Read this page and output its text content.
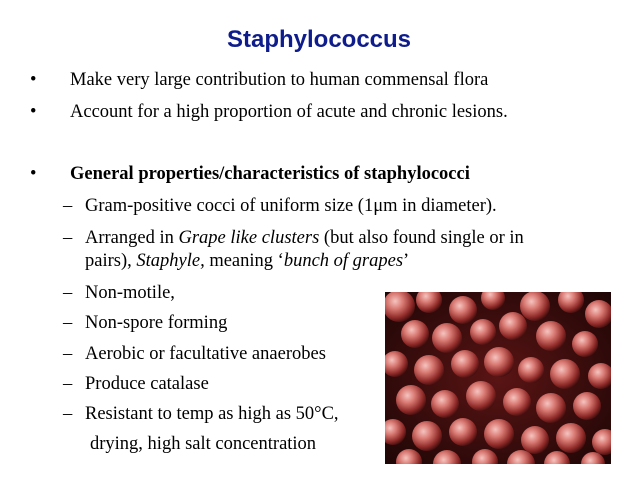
Staphylococcus
• Make very large contribution to human commensal flora
• Account for a high proportion of acute and chronic lesions.
• General properties/characteristics of staphylococci
– Gram-positive cocci of uniform size (1μm in diameter).
– Arranged in Grape like clusters (but also found single or in
pairs), Staphyle, meaning ‘bunch of grapes’
– Non-motile,
– Non-spore forming
– Aerobic or facultative anaerobes
– Produce catalase
– Resistant to temp as high as 50°C,
drying, high salt concentration
